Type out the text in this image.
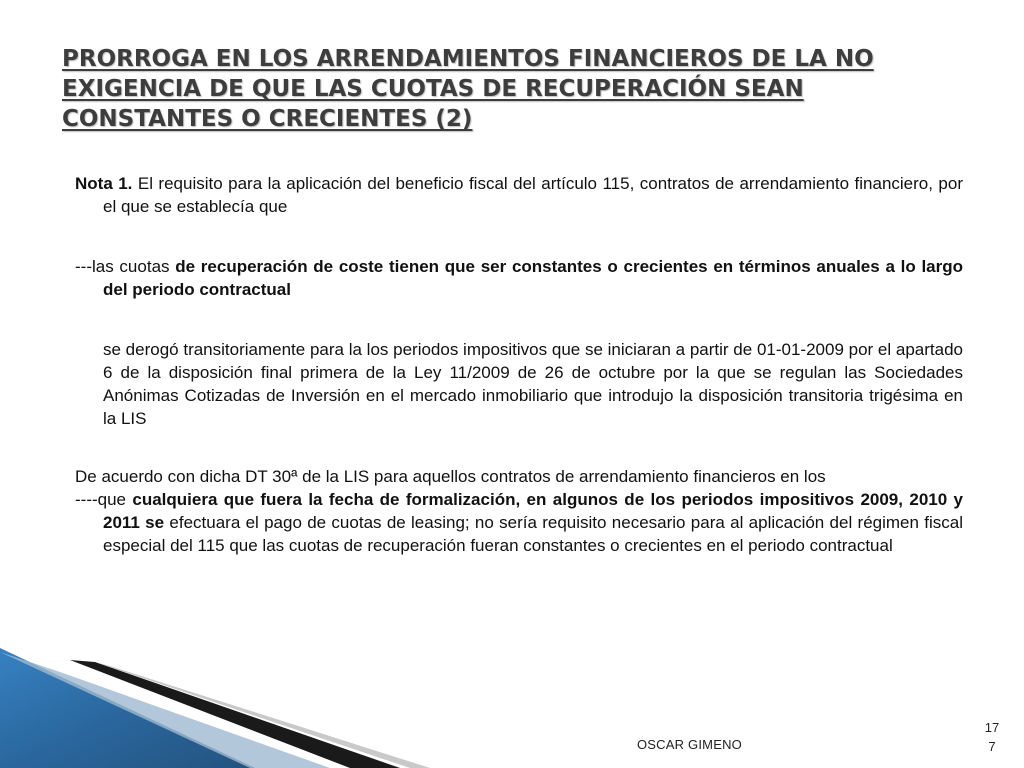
PRORROGA EN LOS ARRENDAMIENTOS FINANCIEROS DE LA NO EXIGENCIA DE QUE LAS CUOTAS DE RECUPERACIÓN SEAN CONSTANTES O CRECIENTES (2)

Nota 1. El requisito para la aplicación del beneficio fiscal del artículo 115, contratos de arrendamiento financiero, por el que se establecía que

---las cuotas de recuperación de coste tienen que ser constantes o crecientes en términos anuales a lo largo del periodo contractual

se derogó transitoriamente para la los periodos impositivos que se iniciaran a partir de 01-01-2009 por el apartado 6 de la disposición final primera de la Ley 11/2009 de 26 de octubre por la que se regulan las Sociedades Anónimas Cotizadas de Inversión en el mercado inmobiliario que introdujo la disposición transitoria trigésima en la LIS

De acuerdo con dicha DT 30ª de la LIS para aquellos contratos de arrendamiento financieros en los

----que cualquiera que fuera la fecha de formalización, en algunos de los periodos impositivos 2009, 2010 y 2011 se efectuara el pago de cuotas de leasing; no sería requisito necesario para al aplicación del régimen fiscal especial del 115 que las cuotas de recuperación fueran constantes o crecientes en el periodo contractual

OSCAR GIMENO
17
7
